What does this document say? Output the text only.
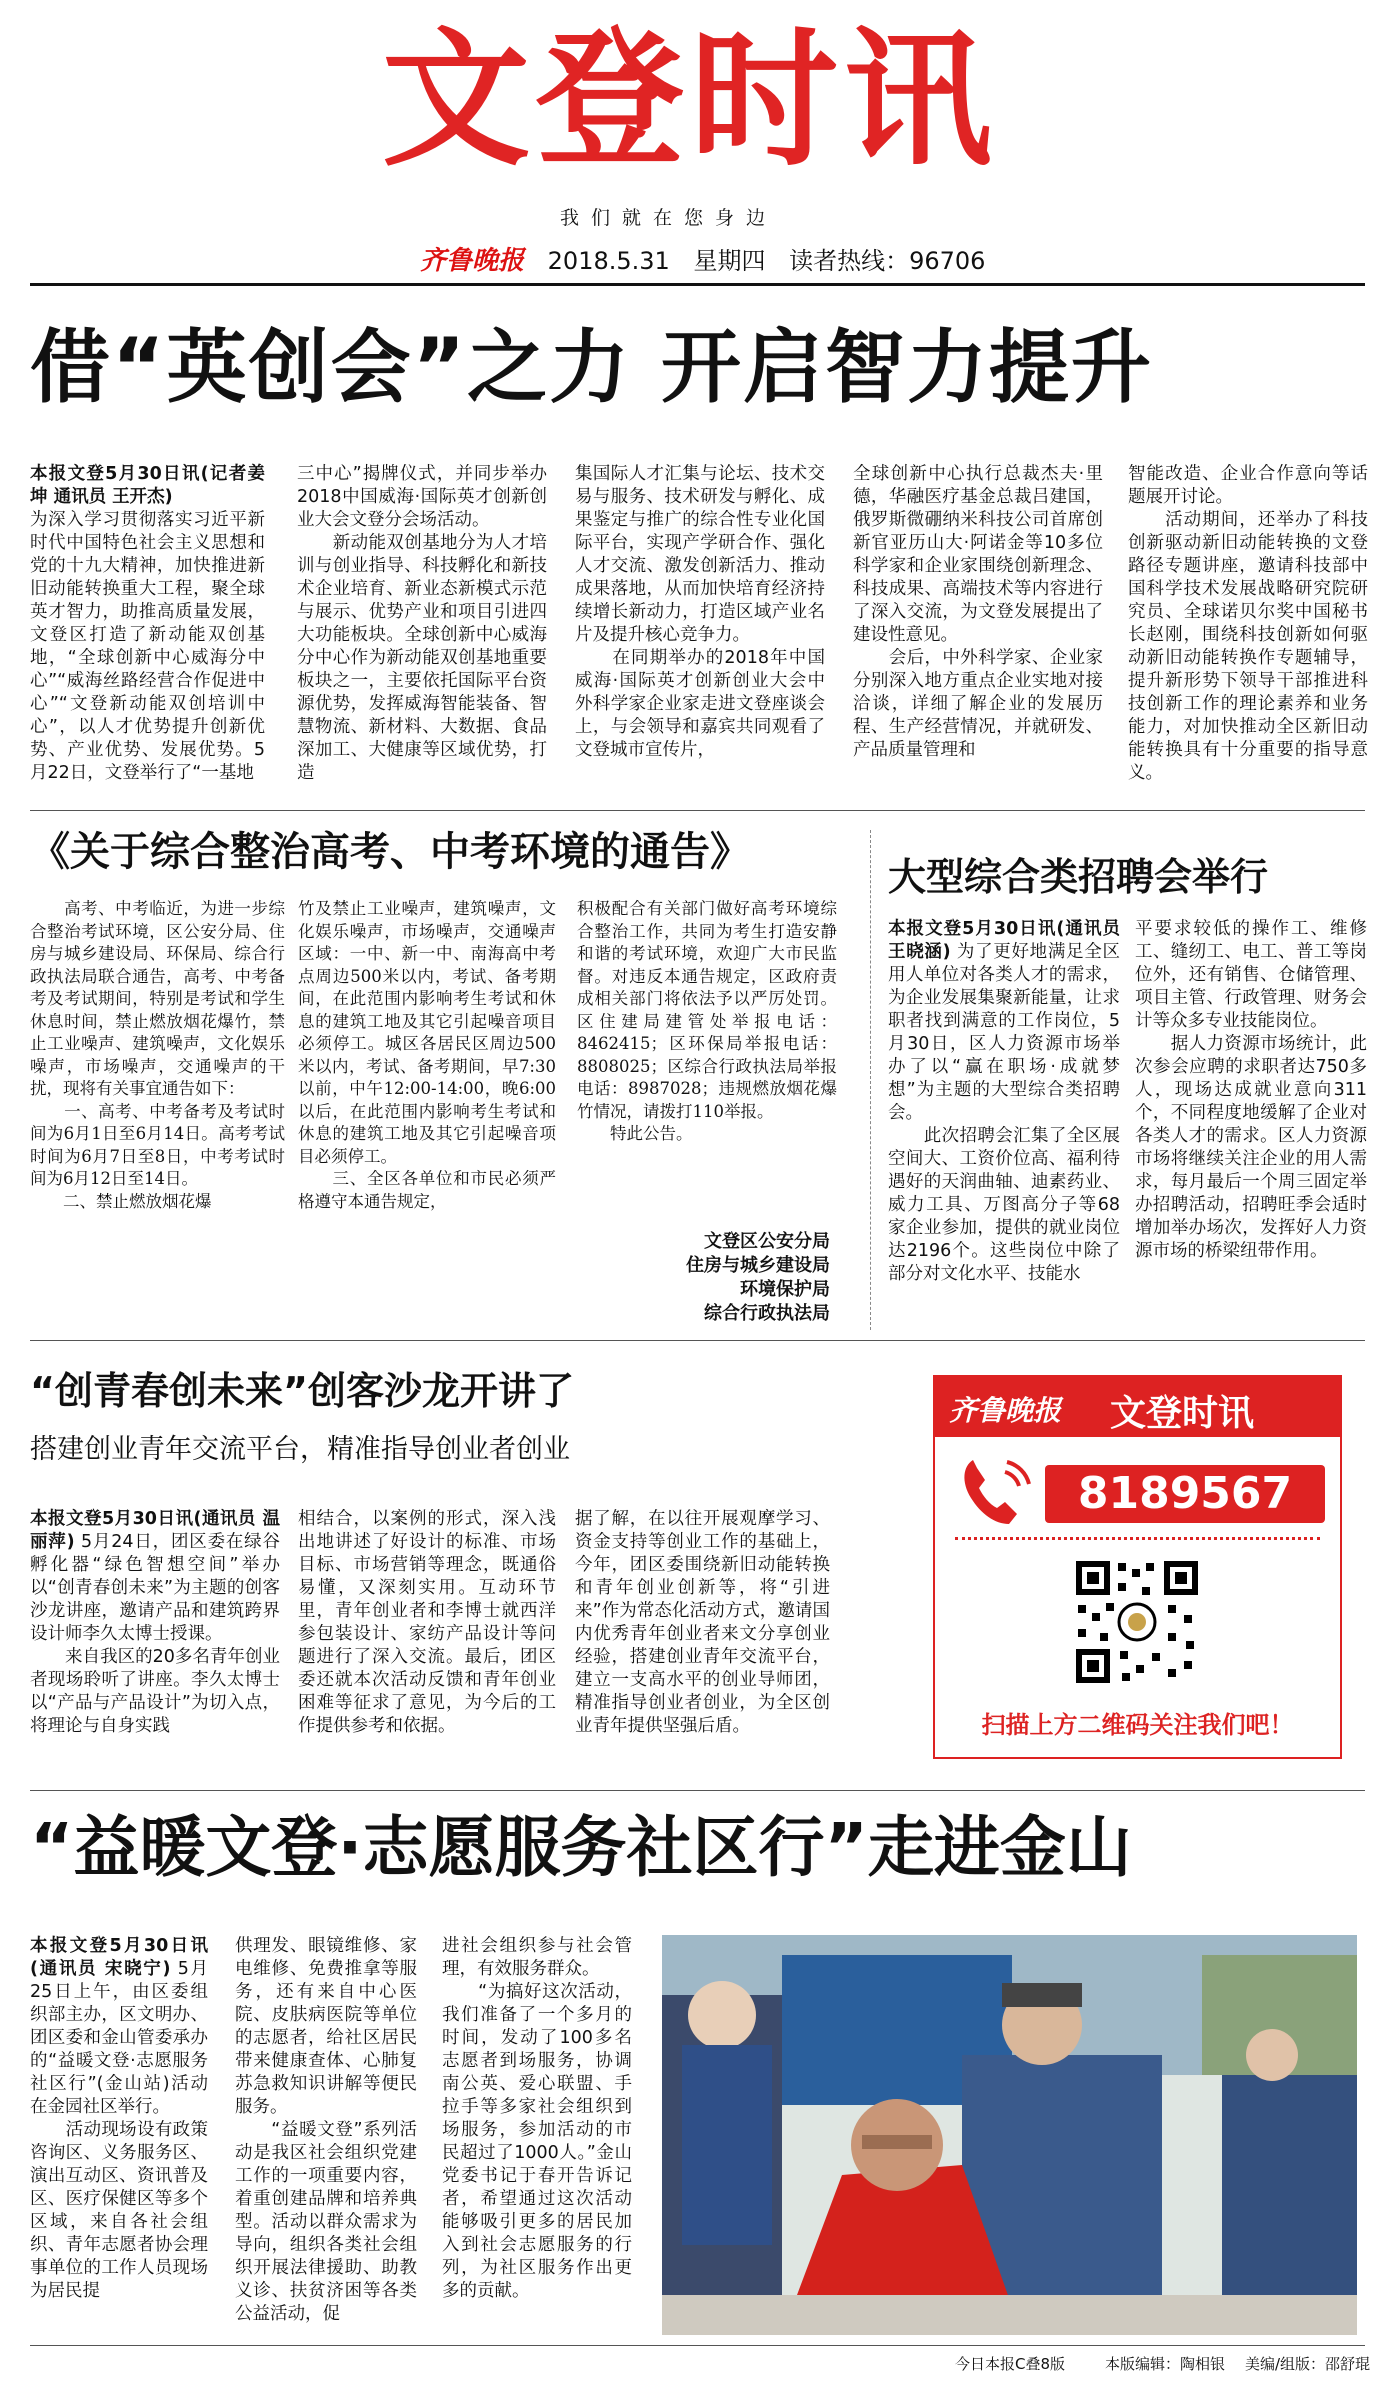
文登时讯
我们就在您身边
齐鲁晚报 2018.5.31 星期四 读者热线：96706
借“英创会”之力 开启智力提升
本报文登5月30日讯(记者姜坤 通讯员 王开杰)
为深入学习贯彻落实习近平新时代中国特色社会主义思想和党的十九大精神，加快推进新旧动能转换重大工程，聚全球英才智力，助推高质量发展，文登区打造了新动能双创基地，“全球创新中心威海分中心”“威海丝路经营合作促进中心”“文登新动能双创培训中心”，以人才优势提升创新优势、产业优势、发展优势。5月22日，文登举行了“一基地
三中心”揭牌仪式，并同步举办2018中国威海·国际英才创新创业大会文登分会场活动。
　　新动能双创基地分为人才培训与创业指导、科技孵化和新技术企业培育、新业态新模式示范与展示、优势产业和项目引进四大功能板块。全球创新中心威海分中心作为新动能双创基地重要板块之一，主要依托国际平台资源优势，发挥威海智能装备、智慧物流、新材料、大数据、食品深加工、大健康等区域优势，打造
集国际人才汇集与论坛、技术交易与服务、技术研发与孵化、成果鉴定与推广的综合性专业化国际平台，实现产学研合作、强化人才交流、激发创新活力、推动成果落地，从而加快培育经济持续增长新动力，打造区域产业名片及提升核心竞争力。
　　在同期举办的2018年中国威海·国际英才创新创业大会中外科学家企业家走进文登座谈会上，与会领导和嘉宾共同观看了文登城市宣传片，
全球创新中心执行总裁杰夫·里德，华融医疗基金总裁吕建国，俄罗斯微硼纳米科技公司首席创新官亚历山大·阿诺金等10多位科学家和企业家围绕创新理念、科技成果、高端技术等内容进行了深入交流，为文登发展提出了建设性意见。
　　会后，中外科学家、企业家分别深入地方重点企业实地对接洽谈，详细了解企业的发展历程、生产经营情况，并就研发、产品质量管理和
智能改造、企业合作意向等话题展开讨论。
　　活动期间，还举办了科技创新驱动新旧动能转换的文登路径专题讲座，邀请科技部中国科学技术发展战略研究院研究员、全球诺贝尔奖中国秘书长赵刚，围绕科技创新如何驱动新旧动能转换作专题辅导，提升新形势下领导干部推进科技创新工作的理论素养和业务能力，对加快推动全区新旧动能转换具有十分重要的指导意义。
《关于综合整治高考、中考环境的通告》
　　高考、中考临近，为进一步综合整治考试环境，区公安分局、住房与城乡建设局、环保局、综合行政执法局联合通告，高考、中考备考及考试期间，特别是考试和学生休息时间，禁止燃放烟花爆竹，禁止工业噪声、建筑噪声，文化娱乐噪声，市场噪声，交通噪声的干扰，现将有关事宜通告如下：
　　一、高考、中考备考及考试时间为6月1日至6月14日。高考考试时间为6月7日至8日，中考考试时间为6月12日至14日。
　　二、禁止燃放烟花爆
竹及禁止工业噪声，建筑噪声，文化娱乐噪声，市场噪声，交通噪声区域：一中、新一中、南海高中考点周边500米以内，考试、备考期间，在此范围内影响考生考试和休息的建筑工地及其它引起噪音项目必须停工。城区各居民区周边500米以内，考试、备考期间，早7:30以前，中午12:00-14:00，晚6:00以后，在此范围内影响考生考试和休息的建筑工地及其它引起噪音项目必须停工。
　　三、全区各单位和市民必须严格遵守本通告规定，
积极配合有关部门做好高考环境综合整治工作，共同为考生打造安静和谐的考试环境，欢迎广大市民监督。对违反本通告规定，区政府责成相关部门将依法予以严厉处罚。区住建局建管处举报电话：8462415；区环保局举报电话：8808025；区综合行政执法局举报电话：8987028；违规燃放烟花爆竹情况，请拨打110举报。
　　特此公告。
文登区公安分局
住房与城乡建设局
环境保护局
综合行政执法局
大型综合类招聘会举行
本报文登5月30日讯(通讯员 王晓涵) 为了更好地满足全区用人单位对各类人才的需求，为企业发展集聚新能量，让求职者找到满意的工作岗位，5月30日，区人力资源市场举办了以“赢在职场·成就梦想”为主题的大型综合类招聘会。
　　此次招聘会汇集了全区展空间大、工资价位高、福利待遇好的天润曲轴、迪素药业、威力工具、万图高分子等68家企业参加，提供的就业岗位达2196个。这些岗位中除了部分对文化水平、技能水
平要求较低的操作工、维修工、缝纫工、电工、普工等岗位外，还有销售、仓储管理、项目主管、行政管理、财务会计等众多专业技能岗位。
　　据人力资源市场统计，此次参会应聘的求职者达750多人，现场达成就业意向311个，不同程度地缓解了企业对各类人才的需求。区人力资源市场将继续关注企业的用人需求，每月最后一个周三固定举办招聘活动，招聘旺季会适时增加举办场次，发挥好人力资源市场的桥梁纽带作用。
“创青春创未来”创客沙龙开讲了
搭建创业青年交流平台，精准指导创业者创业
本报文登5月30日讯(通讯员 温丽萍) 5月24日，团区委在绿谷孵化器“绿色智想空间”举办以“创青春创未来”为主题的创客沙龙讲座，邀请产品和建筑跨界设计师李久太博士授课。
　　来自我区的20多名青年创业者现场聆听了讲座。李久太博士以“产品与产品设计”为切入点，将理论与自身实践
相结合，以案例的形式，深入浅出地讲述了好设计的标准、市场目标、市场营销等理念，既通俗易懂，又深刻实用。互动环节里，青年创业者和李博士就西洋参包装设计、家纺产品设计等问题进行了深入交流。最后，团区委还就本次活动反馈和青年创业困难等征求了意见，为今后的工作提供参考和依据。
据了解，在以往开展观摩学习、资金支持等创业工作的基础上，今年，团区委围绕新旧动能转换和青年创业创新等，将“引进来”作为常态化活动方式，邀请国内优秀青年创业者来文分享创业经验，搭建创业青年交流平台，建立一支高水平的创业导师团，精准指导创业者创业，为全区创业青年提供坚强后盾。
齐鲁晚报 文登时讯
8189567
扫描上方二维码关注我们吧！
“益暖文登·志愿服务社区行”走进金山
本报文登5月30日讯(通讯员 宋晓宁) 5月25日上午，由区委组织部主办，区文明办、团区委和金山管委承办的“益暖文登·志愿服务社区行”(金山站)活动在金园社区举行。
　　活动现场设有政策咨询区、义务服务区、演出互动区、资讯普及区、医疗保健区等多个区域，来自各社会组织、青年志愿者协会理事单位的工作人员现场为居民提
供理发、眼镜维修、家电维修、免费推拿等服务，还有来自中心医院、皮肤病医院等单位的志愿者，给社区居民带来健康查体、心肺复苏急救知识讲解等便民服务。
　　“益暖文登”系列活动是我区社会组织党建工作的一项重要内容，着重创建品牌和培养典型。活动以群众需求为导向，组织各类社会组织开展法律援助、助教义诊、扶贫济困等各类公益活动，促
进社会组织参与社会管理，有效服务群众。
　　“为搞好这次活动，我们准备了一个多月的时间，发动了100多名志愿者到场服务，协调南公英、爱心联盟、手拉手等多家社会组织到场服务，参加活动的市民超过了1000人。”金山党委书记于春开告诉记者，希望通过这次活动能够吸引更多的居民加入到社会志愿服务的行列，为社区服务作出更多的贡献。
今日本报C叠8版	本版编辑：陶相银 美编/组版：邵舒琨
